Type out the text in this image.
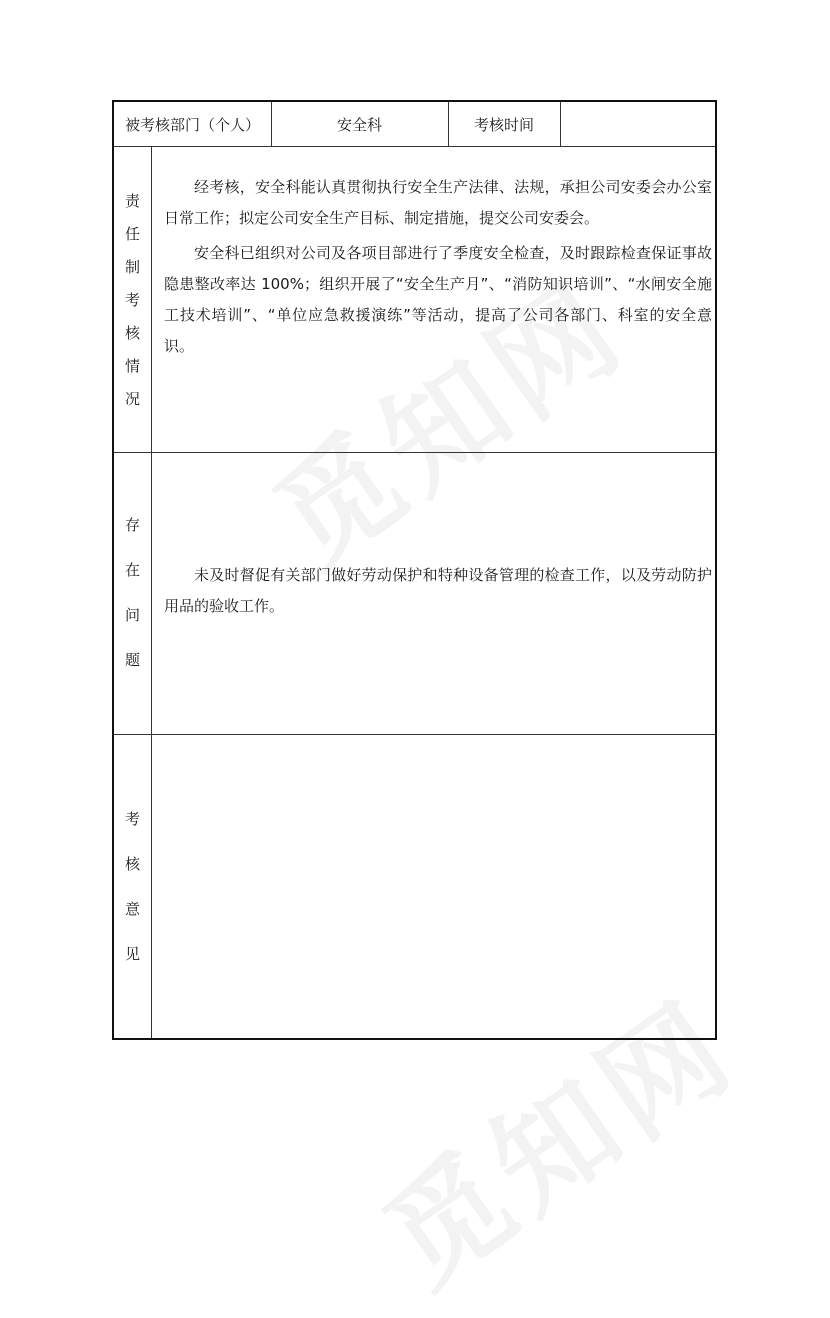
被考核部门（个人）	安全科	考核时间
责
任
制
考
核
情
况

经考核，安全科能认真贯彻执行安全生产法律、法规，承担公司安委会办公室日常工作；拟定公司安全生产目标、制定措施，提交公司安委会。

安全科已组织对公司及各项目部进行了季度安全检查，及时跟踪检查保证事故隐患整改率达 100%；组织开展了“安全生产月”、“消防知识培训”、“水闸安全施工技术培训”、“单位应急救援演练”等活动，提高了公司各部门、科室的安全意识。

存
在
问
题

未及时督促有关部门做好劳动保护和特种设备管理的检查工作，以及劳动防护用品的验收工作。

考
核
意
见
